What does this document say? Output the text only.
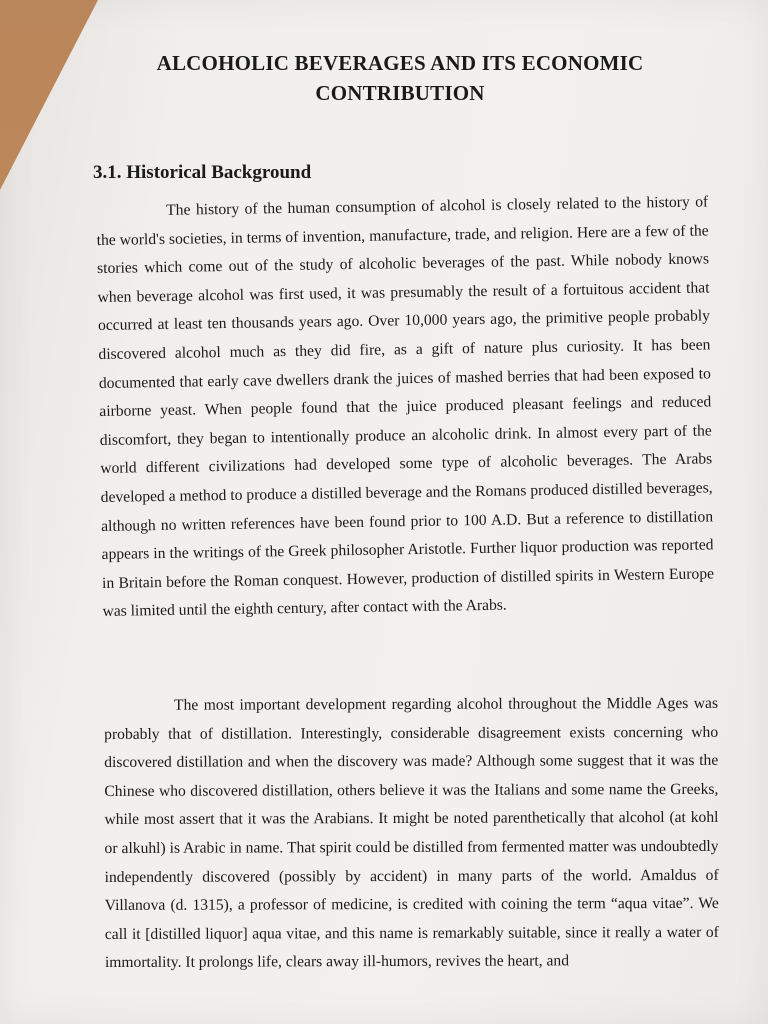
ALCOHOLIC BEVERAGES AND ITS ECONOMIC CONTRIBUTION
3.1. Historical Background
The history of the human consumption of alcohol is closely related to the history of the world's societies, in terms of invention, manufacture, trade, and religion. Here are a few of the stories which come out of the study of alcoholic beverages of the past. While nobody knows when beverage alcohol was first used, it was presumably the result of a fortuitous accident that occurred at least ten thousands years ago. Over 10,000 years ago, the primitive people probably discovered alcohol much as they did fire, as a gift of nature plus curiosity. It has been documented that early cave dwellers drank the juices of mashed berries that had been exposed to airborne yeast. When people found that the juice produced pleasant feelings and reduced discomfort, they began to intentionally produce an alcoholic drink. In almost every part of the world different civilizations had developed some type of alcoholic beverages. The Arabs developed a method to produce a distilled beverage and the Romans produced distilled beverages, although no written references have been found prior to 100 A.D. But a reference to distillation appears in the writings of the Greek philosopher Aristotle. Further liquor production was reported in Britain before the Roman conquest. However, production of distilled spirits in Western Europe was limited until the eighth century, after contact with the Arabs.
The most important development regarding alcohol throughout the Middle Ages was probably that of distillation. Interestingly, considerable disagreement exists concerning who discovered distillation and when the discovery was made? Although some suggest that it was the Chinese who discovered distillation, others believe it was the Italians and some name the Greeks, while most assert that it was the Arabians. It might be noted parenthetically that alcohol (at kohl or alkuhl) is Arabic in name. That spirit could be distilled from fermented matter was undoubtedly independently discovered (possibly by accident) in many parts of the world. Amaldus of Villanova (d. 1315), a professor of medicine, is credited with coining the term “aqua vitae”. We call it [distilled liquor] aqua vitae, and this name is remarkably suitable, since it really a water of immortality. It prolongs life, clears away ill-humors, revives the heart, and
